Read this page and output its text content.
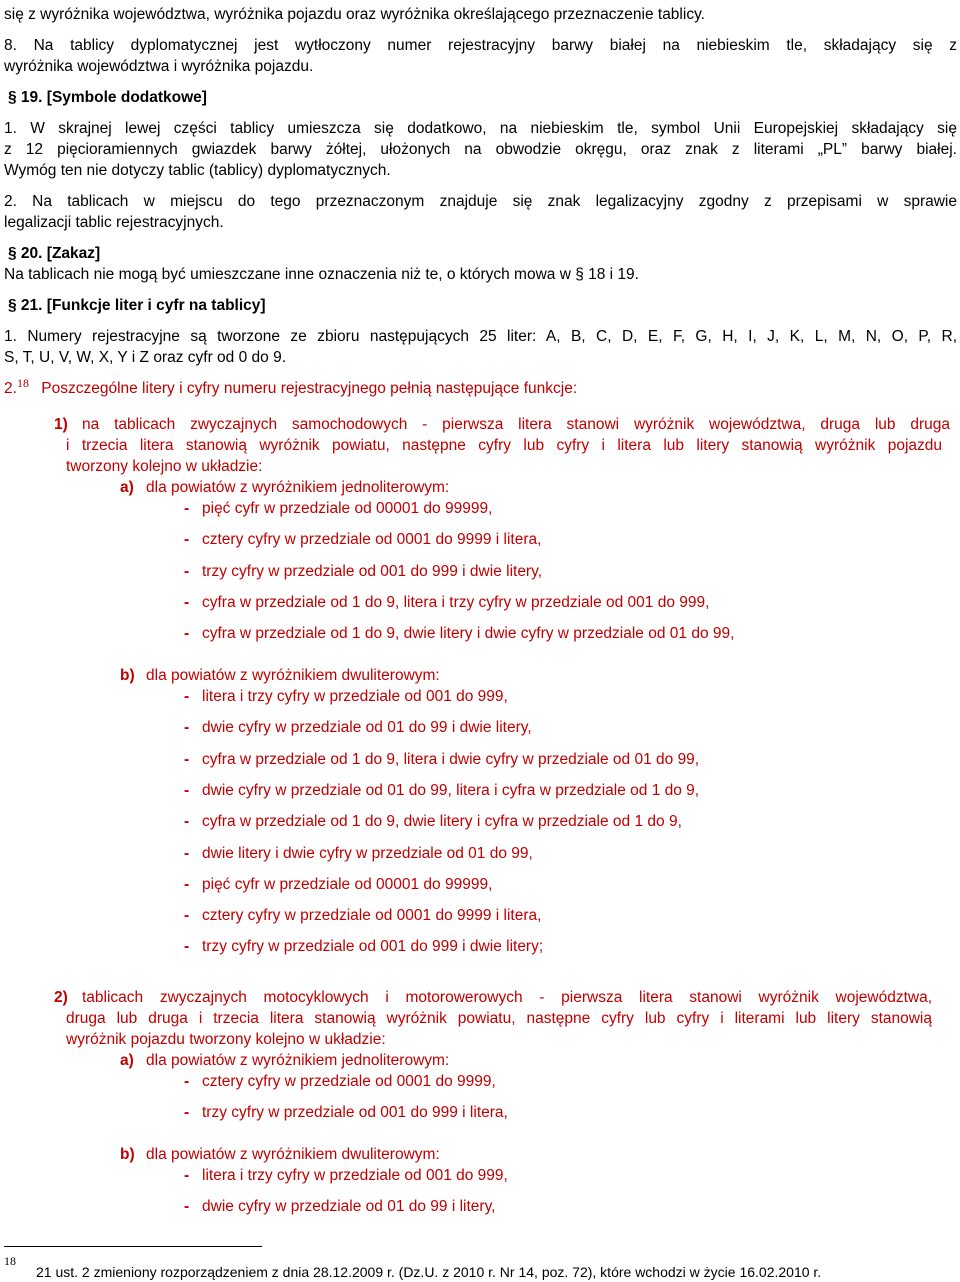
się z wyróżnika województwa, wyróżnika pojazdu oraz wyróżnika określającego przeznaczenie tablicy.
8. Na tablicy dyplomatycznej jest wytłoczony numer rejestracyjny barwy białej na niebieskim tle, składający się z
wyróżnika województwa i wyróżnika pojazdu.
§ 19. [Symbole dodatkowe]
1. W skrajnej lewej części tablicy umieszcza się dodatkowo, na niebieskim tle, symbol Unii Europejskiej składający się
z 12 pięcioramiennych gwiazdek barwy żółtej, ułożonych na obwodzie okręgu, oraz znak z literami „PL” barwy białej.
Wymóg ten nie dotyczy tablic (tablicy) dyplomatycznych.
2. Na tablicach w miejscu do tego przeznaczonym znajduje się znak legalizacyjny zgodny z przepisami w sprawie
legalizacji tablic rejestracyjnych.
§ 20. [Zakaz]
Na tablicach nie mogą być umieszczane inne oznaczenia niż te, o których mowa w § 18 i 19.
§ 21. [Funkcje liter i cyfr na tablicy]
1. Numery rejestracyjne są tworzone ze zbioru następujących 25 liter: A, B, C, D, E, F, G, H, I, J, K, L, M, N, O, P, R,
S, T, U, V, W, X, Y i Z oraz cyfr od 0 do 9.
2.18 Poszczególne litery i cyfry numeru rejestracyjnego pełnią następujące funkcje:
1) na tablicach zwyczajnych samochodowych - pierwsza litera stanowi wyróżnik województwa, druga lub druga
i trzecia litera stanowią wyróżnik powiatu, następne cyfry lub cyfry i litera lub litery stanowią wyróżnik pojazdu
tworzony kolejno w układzie:
a) dla powiatów z wyróżnikiem jednoliterowym:
- pięć cyfr w przedziale od 00001 do 99999,
- cztery cyfry w przedziale od 0001 do 9999 i litera,
- trzy cyfry w przedziale od 001 do 999 i dwie litery,
- cyfra w przedziale od 1 do 9, litera i trzy cyfry w przedziale od 001 do 999,
- cyfra w przedziale od 1 do 9, dwie litery i dwie cyfry w przedziale od 01 do 99,
b) dla powiatów z wyróżnikiem dwuliterowym:
- litera i trzy cyfry w przedziale od 001 do 999,
- dwie cyfry w przedziale od 01 do 99 i dwie litery,
- cyfra w przedziale od 1 do 9, litera i dwie cyfry w przedziale od 01 do 99,
- dwie cyfry w przedziale od 01 do 99, litera i cyfra w przedziale od 1 do 9,
- cyfra w przedziale od 1 do 9, dwie litery i cyfra w przedziale od 1 do 9,
- dwie litery i dwie cyfry w przedziale od 01 do 99,
- pięć cyfr w przedziale od 00001 do 99999,
- cztery cyfry w przedziale od 0001 do 9999 i litera,
- trzy cyfry w przedziale od 001 do 999 i dwie litery;
2) tablicach zwyczajnych motocyklowych i motorowerowych - pierwsza litera stanowi wyróżnik województwa,
druga lub druga i trzecia litera stanowią wyróżnik powiatu, następne cyfry lub cyfry i literami lub litery stanowią
wyróżnik pojazdu tworzony kolejno w układzie:
a) dla powiatów z wyróżnikiem jednoliterowym:
- cztery cyfry w przedziale od 0001 do 9999,
- trzy cyfry w przedziale od 001 do 999 i litera,
b) dla powiatów z wyróżnikiem dwuliterowym:
- litera i trzy cyfry w przedziale od 001 do 999,
- dwie cyfry w przedziale od 01 do 99 i litery,
18
21 ust. 2 zmieniony rozporządzeniem z dnia 28.12.2009 r. (Dz.U. z 2010 r. Nr 14, poz. 72), które wchodzi w życie 16.02.2010 r.
